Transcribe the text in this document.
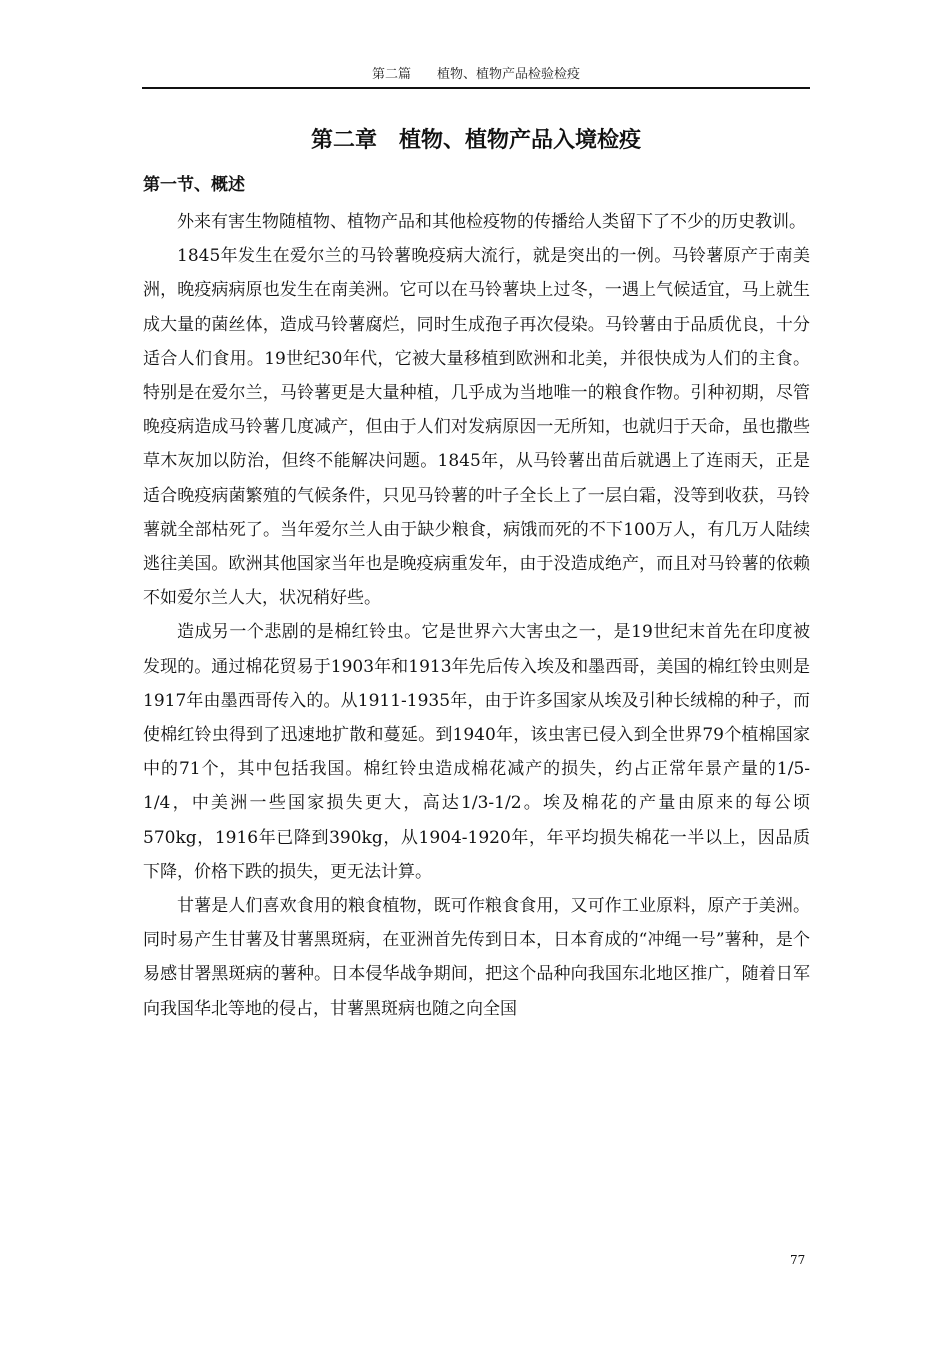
第二篇　　植物、植物产品检验检疫
第二章　植物、植物产品入境检疫
第一节、概述

外来有害生物随植物、植物产品和其他检疫物的传播给人类留下了不少的历史教训。

1845年发生在爱尔兰的马铃薯晚疫病大流行，就是突出的一例。马铃薯原产于南美洲，晚疫病病原也发生在南美洲。它可以在马铃薯块上过冬，一遇上气候适宜，马上就生成大量的菌丝体，造成马铃薯腐烂，同时生成孢子再次侵染。马铃薯由于品质优良，十分适合人们食用。19世纪30年代，它被大量移植到欧洲和北美，并很快成为人们的主食。特别是在爱尔兰，马铃薯更是大量种植，几乎成为当地唯一的粮食作物。引种初期，尽管晚疫病造成马铃薯几度减产，但由于人们对发病原因一无所知，也就归于天命，虽也撒些草木灰加以防治，但终不能解决问题。1845年，从马铃薯出苗后就遇上了连雨天，正是适合晚疫病菌繁殖的气候条件，只见马铃薯的叶子全长上了一层白霜，没等到收获，马铃薯就全部枯死了。当年爱尔兰人由于缺少粮食，病饿而死的不下100万人，有几万人陆续逃往美国。欧洲其他国家当年也是晚疫病重发年，由于没造成绝产，而且对马铃薯的依赖不如爱尔兰人大，状况稍好些。

造成另一个悲剧的是棉红铃虫。它是世界六大害虫之一，是19世纪末首先在印度被发现的。通过棉花贸易于1903年和1913年先后传入埃及和墨西哥，美国的棉红铃虫则是1917年由墨西哥传入的。从1911-1935年，由于许多国家从埃及引种长绒棉的种子，而使棉红铃虫得到了迅速地扩散和蔓延。到1940年，该虫害已侵入到全世界79个植棉国家中的71个，其中包括我国。棉红铃虫造成棉花减产的损失，约占正常年景产量的1/5-1/4，中美洲一些国家损失更大，高达1/3-1/2。埃及棉花的产量由原来的每公顷570kg，1916年已降到390kg，从1904-1920年，年平均损失棉花一半以上，因品质下降，价格下跌的损失，更无法计算。

甘薯是人们喜欢食用的粮食植物，既可作粮食食用，又可作工业原料，原产于美洲。同时易产生甘薯及甘薯黑斑病，在亚洲首先传到日本，日本育成的“冲绳一号”薯种，是个易感甘署黑斑病的薯种。日本侵华战争期间，把这个品种向我国东北地区推广，随着日军向我国华北等地的侵占，甘薯黑斑病也随之向全国

77
